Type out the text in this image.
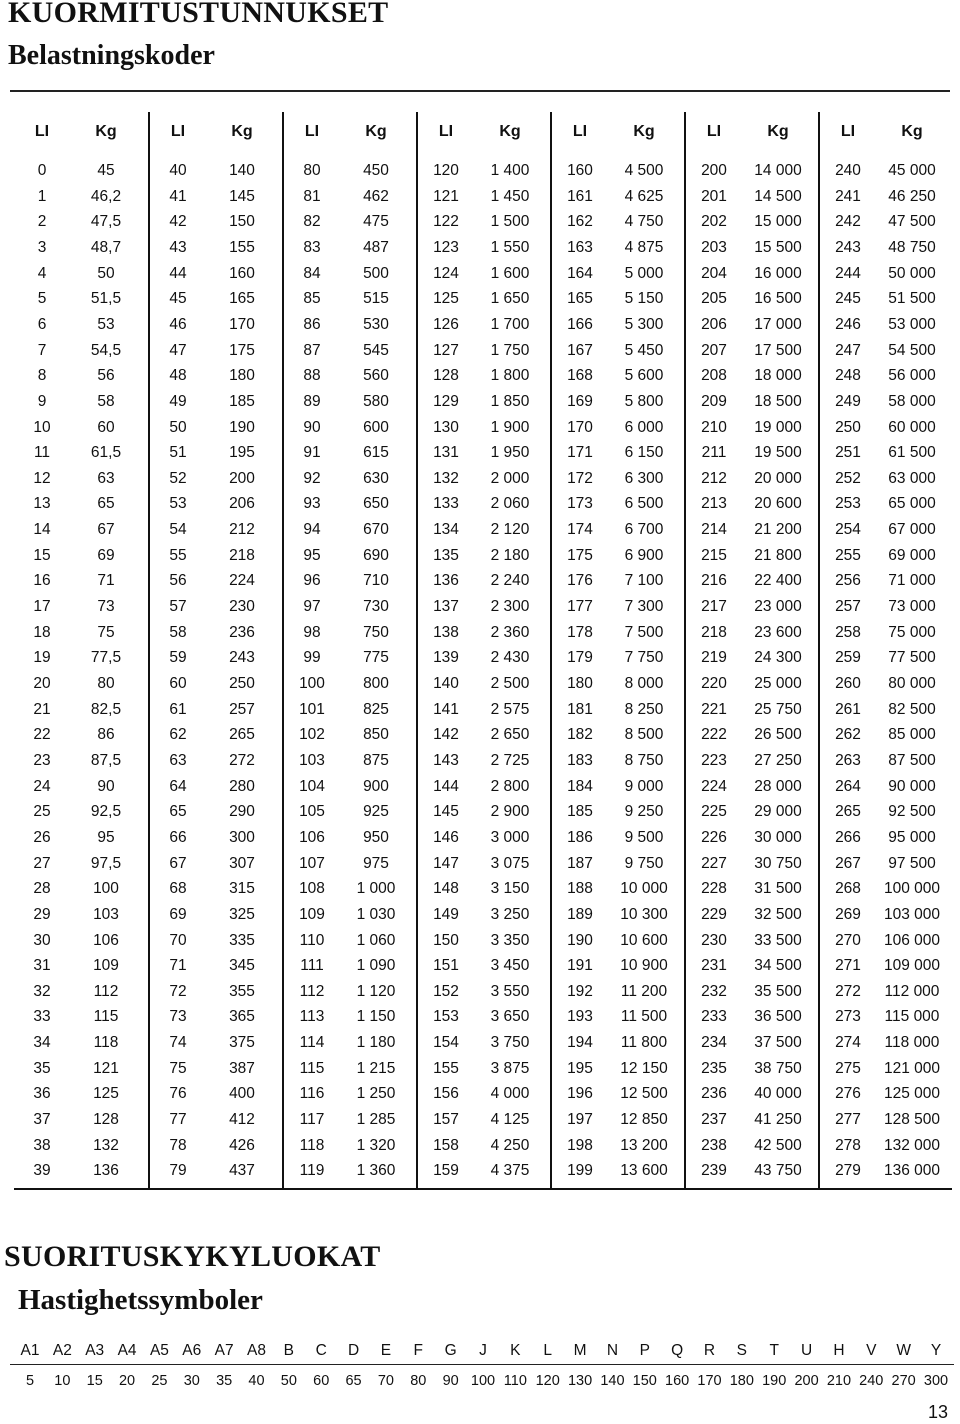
KUORMITUSTUNNUKSET
Belastningskoder
LI	Kg
0	45
1	46,2
2	47,5
3	48,7
4	50
5	51,5
6	53
7	54,5
8	56
9	58
10	60
11	61,5
12	63
13	65
14	67
15	69
16	71
17	73
18	75
19	77,5
20	80
21	82,5
22	86
23	87,5
24	90
25	92,5
26	95
27	97,5
28	100
29	103
30	106
31	109
32	112
33	115
34	118
35	121
36	125
37	128
38	132
39	136
LI	Kg
40	140
41	145
42	150
43	155
44	160
45	165
46	170
47	175
48	180
49	185
50	190
51	195
52	200
53	206
54	212
55	218
56	224
57	230
58	236
59	243
60	250
61	257
62	265
63	272
64	280
65	290
66	300
67	307
68	315
69	325
70	335
71	345
72	355
73	365
74	375
75	387
76	400
77	412
78	426
79	437
LI	Kg
80	450
81	462
82	475
83	487
84	500
85	515
86	530
87	545
88	560
89	580
90	600
91	615
92	630
93	650
94	670
95	690
96	710
97	730
98	750
99	775
100	800
101	825
102	850
103	875
104	900
105	925
106	950
107	975
108	1 000
109	1 030
110	1 060
111	1 090
112	1 120
113	1 150
114	1 180
115	1 215
116	1 250
117	1 285
118	1 320
119	1 360
LI	Kg
120	1 400
121	1 450
122	1 500
123	1 550
124	1 600
125	1 650
126	1 700
127	1 750
128	1 800
129	1 850
130	1 900
131	1 950
132	2 000
133	2 060
134	2 120
135	2 180
136	2 240
137	2 300
138	2 360
139	2 430
140	2 500
141	2 575
142	2 650
143	2 725
144	2 800
145	2 900
146	3 000
147	3 075
148	3 150
149	3 250
150	3 350
151	3 450
152	3 550
153	3 650
154	3 750
155	3 875
156	4 000
157	4 125
158	4 250
159	4 375
LI	Kg
160	4 500
161	4 625
162	4 750
163	4 875
164	5 000
165	5 150
166	5 300
167	5 450
168	5 600
169	5 800
170	6 000
171	6 150
172	6 300
173	6 500
174	6 700
175	6 900
176	7 100
177	7 300
178	7 500
179	7 750
180	8 000
181	8 250
182	8 500
183	8 750
184	9 000
185	9 250
186	9 500
187	9 750
188	10 000
189	10 300
190	10 600
191	10 900
192	11 200
193	11 500
194	11 800
195	12 150
196	12 500
197	12 850
198	13 200
199	13 600
LI	Kg
200	14 000
201	14 500
202	15 000
203	15 500
204	16 000
205	16 500
206	17 000
207	17 500
208	18 000
209	18 500
210	19 000
211	19 500
212	20 000
213	20 600
214	21 200
215	21 800
216	22 400
217	23 000
218	23 600
219	24 300
220	25 000
221	25 750
222	26 500
223	27 250
224	28 000
225	29 000
226	30 000
227	30 750
228	31 500
229	32 500
230	33 500
231	34 500
232	35 500
233	36 500
234	37 500
235	38 750
236	40 000
237	41 250
238	42 500
239	43 750
LI	Kg
240	45 000
241	46 250
242	47 500
243	48 750
244	50 000
245	51 500
246	53 000
247	54 500
248	56 000
249	58 000
250	60 000
251	61 500
252	63 000
253	65 000
254	67 000
255	69 000
256	71 000
257	73 000
258	75 000
259	77 500
260	80 000
261	82 500
262	85 000
263	87 500
264	90 000
265	92 500
266	95 000
267	97 500
268	100 000
269	103 000
270	106 000
271	109 000
272	112 000
273	115 000
274	118 000
275	121 000
276	125 000
277	128 500
278	132 000
279	136 000
SUORITUSKYKYLUOKAT
Hastighetssymboler
A1 A2 A3 A4 A5 A6 A7 A8 B C D E F G J K L M N P Q R S T U H V W Y
5 10 15 20 25 30 35 40 50 60 65 70 80 90 100 110 120 130 140 150 160 170 180 190 200 210 240 270 300
13
